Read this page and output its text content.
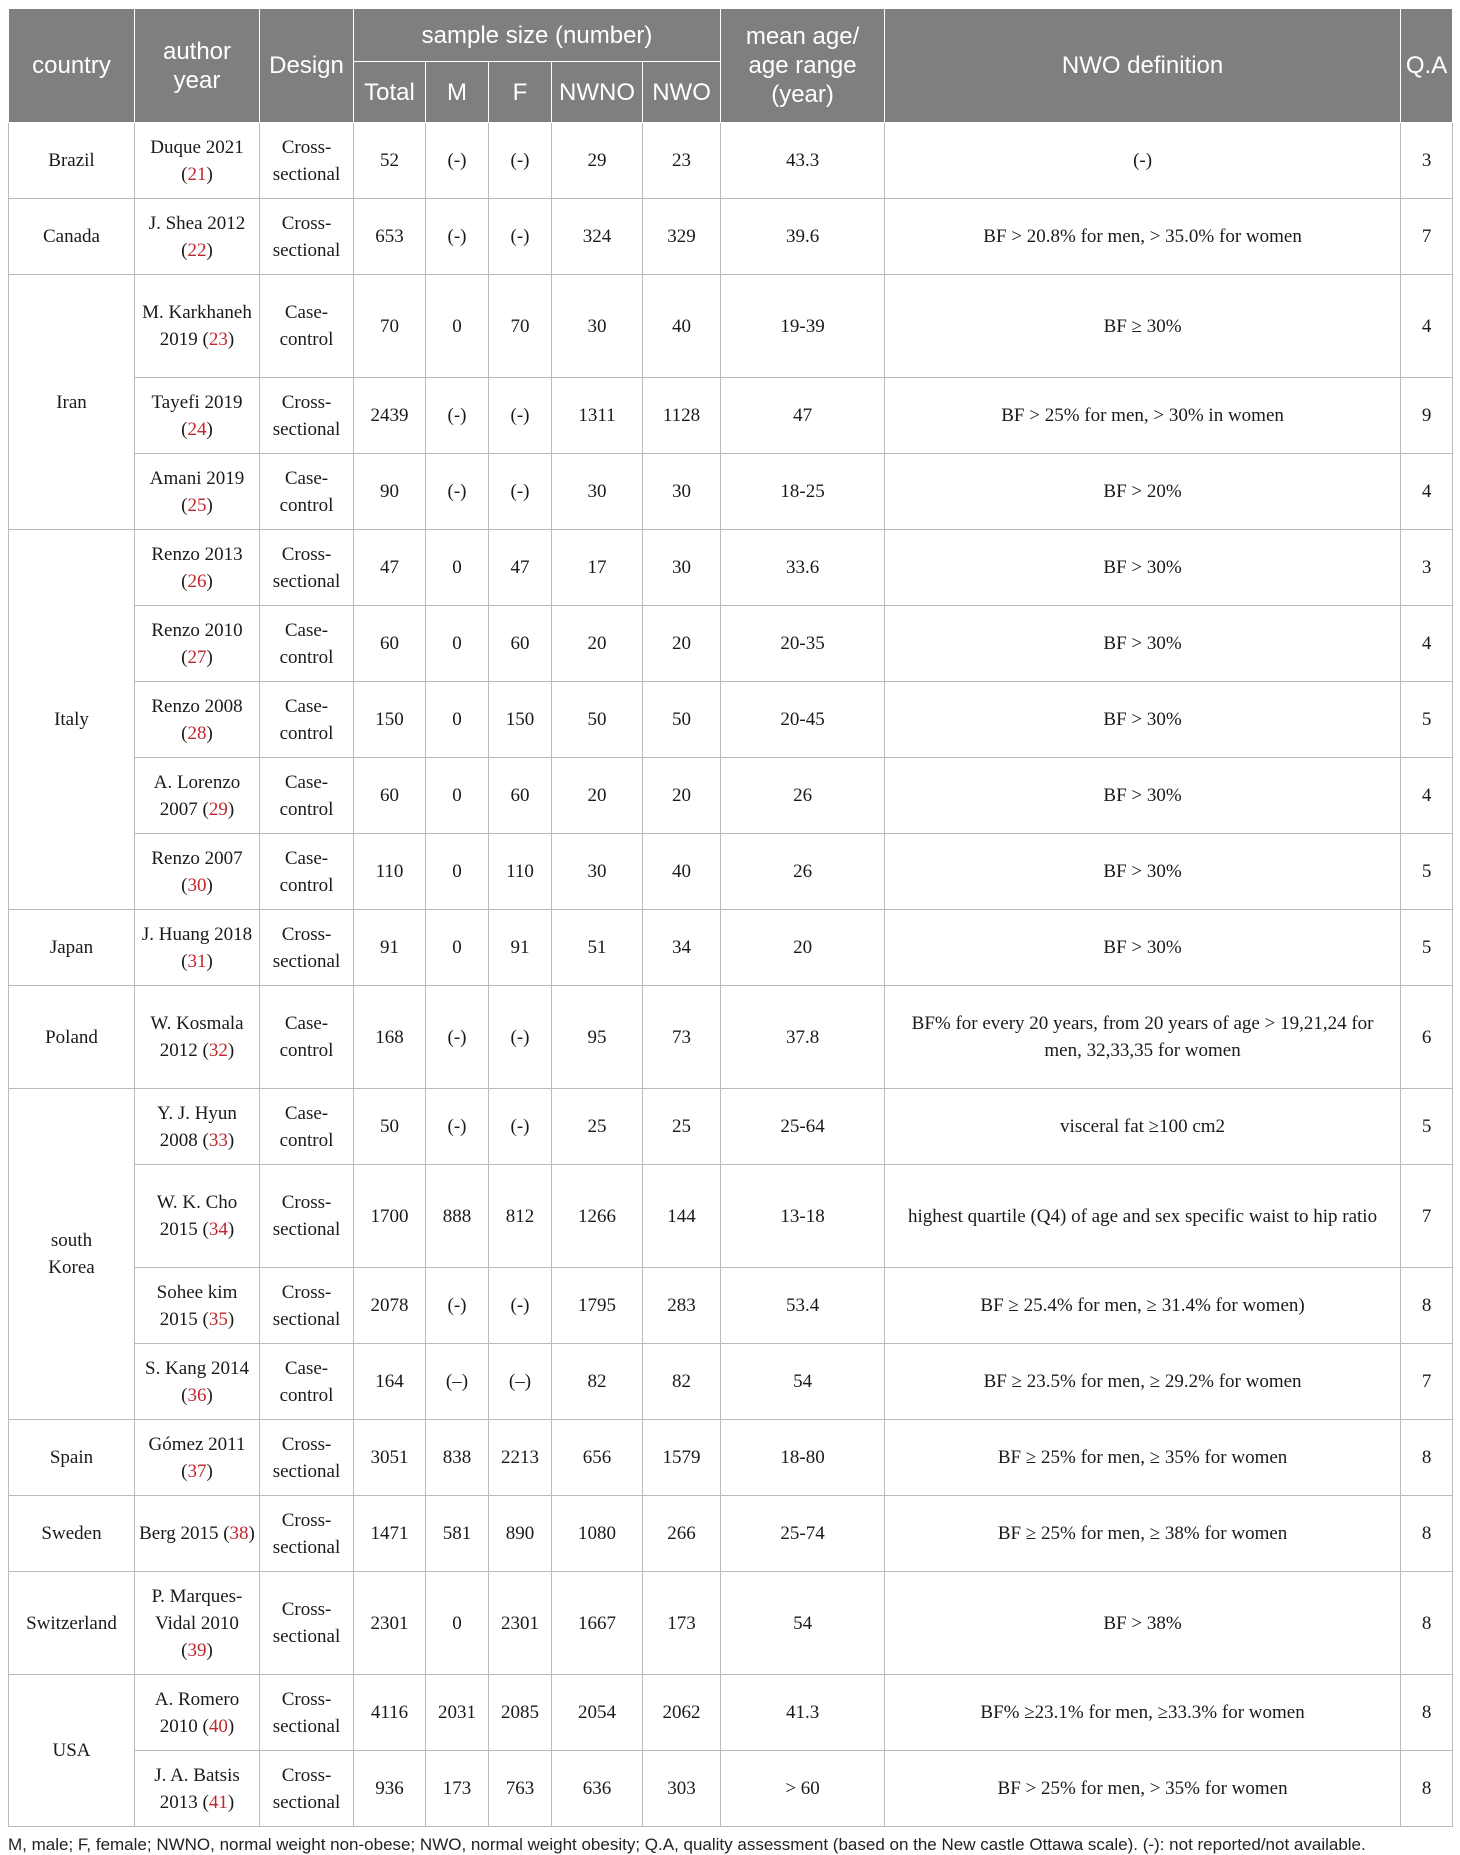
country	author year	Design	sample size (number)					mean age/ age range (year)	NWO definition	Q.A
			Total	M	F	NWNO	NWO			
Brazil	Duque 2021 (21)	Cross-sectional	52	(-)	(-)	29	23	43.3	(-)	3
Canada	J. Shea 2012 (22)	Cross-sectional	653	(-)	(-)	324	329	39.6	BF > 20.8% for men, > 35.0% for women	7
Iran	M. Karkhaneh 2019 (23)	Case-control	70	0	70	30	40	19-39	BF ≥ 30%	4
	Tayefi 2019 (24)	Cross-sectional	2439	(-)	(-)	1311	1128	47	BF > 25% for men, > 30% in women	9
	Amani 2019 (25)	Case-control	90	(-)	(-)	30	30	18-25	BF > 20%	4
Italy	Renzo 2013 (26)	Cross-sectional	47	0	47	17	30	33.6	BF > 30%	3
	Renzo 2010 (27)	Case-control	60	0	60	20	20	20-35	BF > 30%	4
	Renzo 2008 (28)	Case-control	150	0	150	50	50	20-45	BF > 30%	5
	A. Lorenzo 2007 (29)	Case-control	60	0	60	20	20	26	BF > 30%	4
	Renzo 2007 (30)	Case-control	110	0	110	30	40	26	BF > 30%	5
Japan	J. Huang 2018 (31)	Cross-sectional	91	0	91	51	34	20	BF > 30%	5
Poland	W. Kosmala 2012 (32)	Case-control	168	(-)	(-)	95	73	37.8	BF% for every 20 years, from 20 years of age > 19,21,24 for men, 32,33,35 for women	6
south Korea	Y. J. Hyun 2008 (33)	Case-control	50	(-)	(-)	25	25	25-64	visceral fat ≥100 cm2	5
	W. K. Cho 2015 (34)	Cross-sectional	1700	888	812	1266	144	13-18	highest quartile (Q4) of age and sex specific waist to hip ratio	7
	Sohee kim 2015 (35)	Cross-sectional	2078	(-)	(-)	1795	283	53.4	BF ≥ 25.4% for men, ≥ 31.4% for women)	8
	S. Kang 2014 (36)	Case-control	164	(–)	(–)	82	82	54	BF ≥ 23.5% for men, ≥ 29.2% for women	7
Spain	Gómez 2011 (37)	Cross-sectional	3051	838	2213	656	1579	18-80	BF ≥ 25% for men, ≥ 35% for women	8
Sweden	Berg 2015 (38)	Cross-sectional	1471	581	890	1080	266	25-74	BF ≥ 25% for men, ≥ 38% for women	8
Switzerland	P. Marques-Vidal 2010 (39)	Cross-sectional	2301	0	2301	1667	173	54	BF > 38%	8
USA	A. Romero 2010 (40)	Cross-sectional	4116	2031	2085	2054	2062	41.3	BF% ≥23.1% for men, ≥33.3% for women	8
	J. A. Batsis 2013 (41)	Cross-sectional	936	173	763	636	303	> 60	BF > 25% for men, > 35% for women	8
M, male; F, female; NWNO, normal weight non-obese; NWO, normal weight obesity; Q.A, quality assessment (based on the New castle Ottawa scale). (-): not reported/not available.
